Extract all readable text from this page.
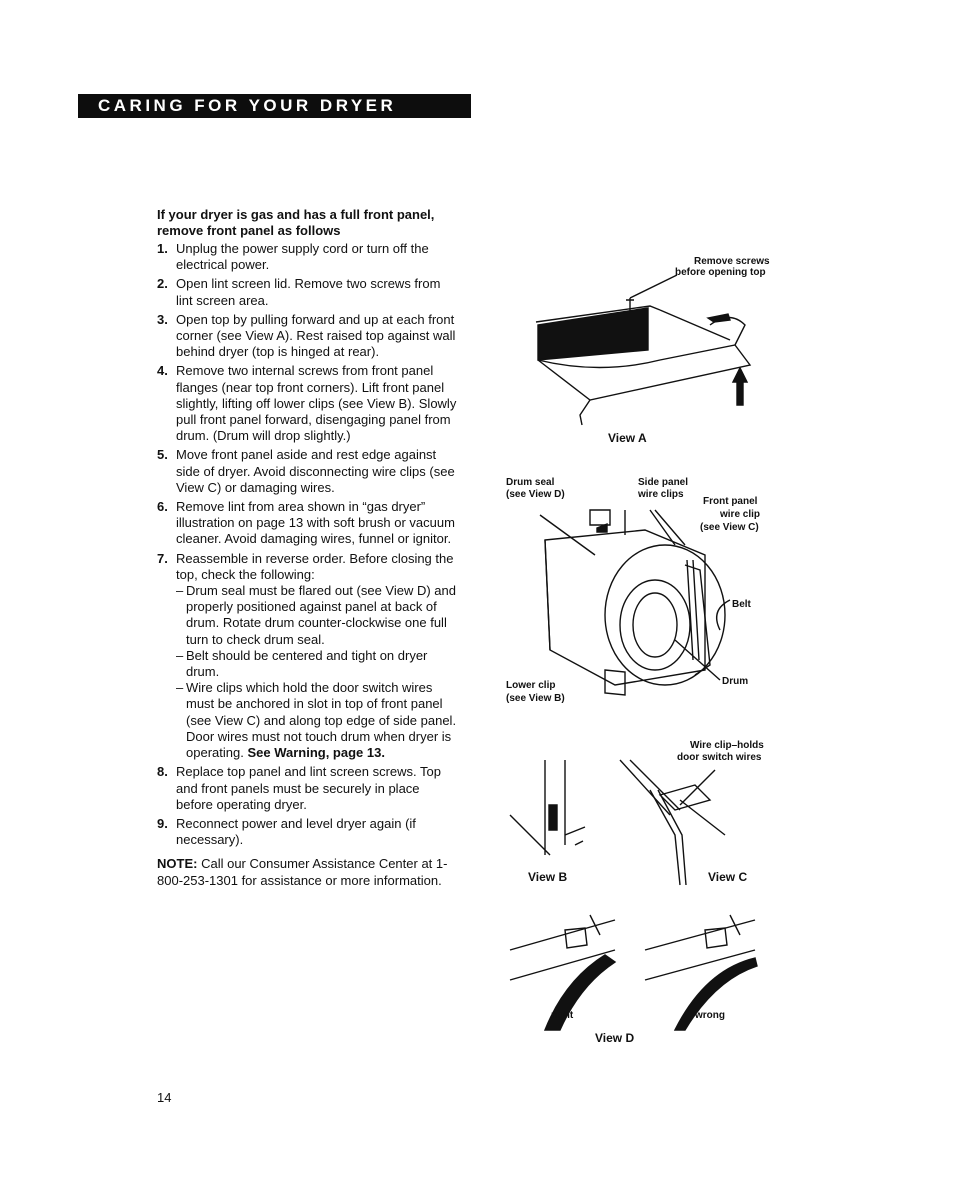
CARING FOR YOUR DRYER
If your dryer is gas and has a full front panel, remove front panel as follows
1. Unplug the power supply cord or turn off the electrical power.
2. Open lint screen lid. Remove two screws from lint screen area.
3. Open top by pulling forward and up at each front corner (see View A). Rest raised top against wall behind dryer (top is hinged at rear).
4. Remove two internal screws from front panel flanges (near top front corners). Lift front panel slightly, lifting off lower clips (see View B). Slowly pull front panel forward, disengaging panel from drum. (Drum will drop slightly.)
5. Move front panel aside and rest edge against side of dryer. Avoid disconnecting wire clips (see View C) or damaging wires.
6. Remove lint from area shown in “gas dryer” illustration on page 13 with soft brush or vacuum cleaner. Avoid damaging wires, funnel or ignitor.
7. Reassemble in reverse order. Before closing the top, check the following:
– Drum seal must be flared out (see View D) and properly positioned against panel at back of drum. Rotate drum counter-clockwise one full turn to check drum seal.
– Belt should be centered and tight on dryer drum.
– Wire clips which hold the door switch wires must be anchored in slot in top of front panel (see View C) and along top edge of side panel. Door wires must not touch drum when dryer is operating. See Warning, page 13.
8. Replace top panel and lint screen screws. Top and front panels must be securely in place before operating dryer.
9. Reconnect power and level dryer again (if necessary).
NOTE: Call our Consumer Assistance Center at 1-800-253-1301 for assistance or more information.
Remove screws
before opening top
View A
Drum seal
(see View D)
Side panel
wire clips
Front panel
wire clip
(see View C)
Belt
Drum
Lower clip
(see View B)
View B
Wire clip–holds
door switch wires
View C
right	wrong
View D
14
